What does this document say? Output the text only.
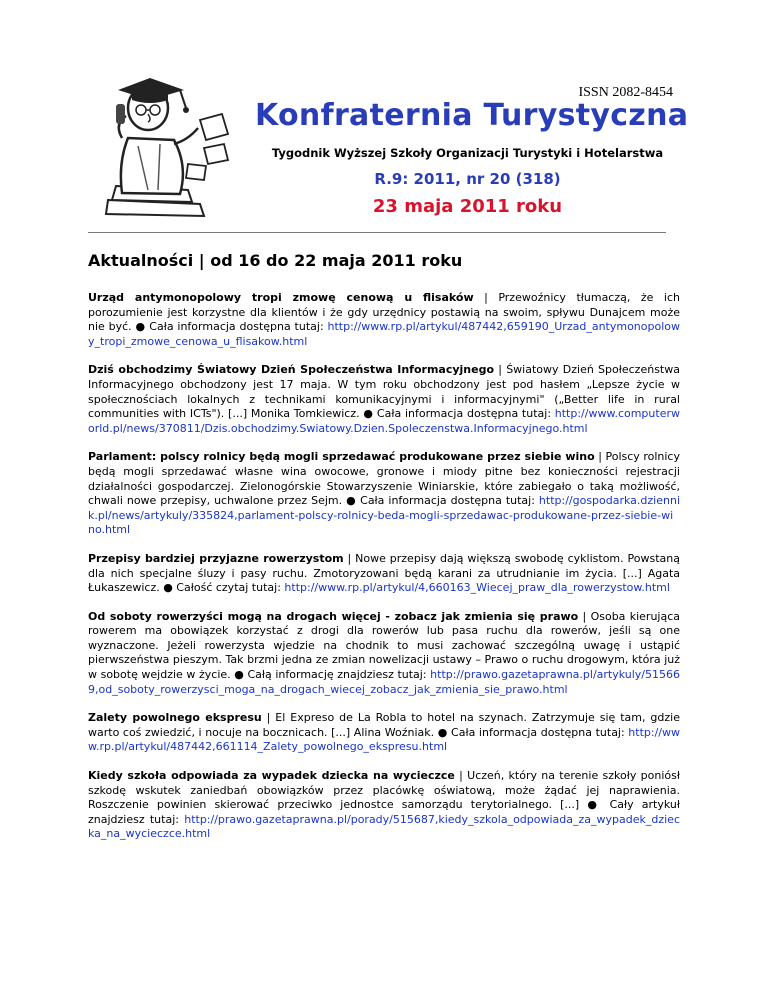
ISSN 2082-8454
Konfraternia Turystyczna
Tygodnik Wyższej Szkoły Organizacji Turystyki i Hotelarstwa
R.9: 2011, nr 20 (318)
23 maja 2011 roku
Aktualności | od 16 do 22 maja 2011 roku

Urząd antymonopolowy tropi zmowę cenową u flisaków | Przewoźnicy tłumaczą, że ich porozumienie jest korzystne dla klientów i że gdy urzędnicy postawią na swoim, spływu Dunajcem może nie być. ● Cała informacja dostępna tutaj: http://www.rp.pl/artykul/487442,659190_Urzad_antymonopolowy_tropi_zmowe_cenowa_u_flisakow.html

Dziś obchodzimy Światowy Dzień Społeczeństwa Informacyjnego | Światowy Dzień Społeczeństwa Informacyjnego obchodzony jest 17 maja. W tym roku obchodzony jest pod hasłem „Lepsze życie w społecznościach lokalnych z technikami komunikacyjnymi i informacyjnymi" („Better life in rural communities with ICTs"). [...] Monika Tomkiewicz. ● Cała informacja dostępna tutaj: http://www.computerworld.pl/news/370811/Dzis.obchodzimy.Swiatowy.Dzien.Spoleczenstwa.Informacyjnego.html

Parlament: polscy rolnicy będą mogli sprzedawać produkowane przez siebie wino | Polscy rolnicy będą mogli sprzedawać własne wina owocowe, gronowe i miody pitne bez konieczności rejestracji działalności gospodarczej. Zielonogórskie Stowarzyszenie Winiarskie, które zabiegało o taką możliwość, chwali nowe przepisy, uchwalone przez Sejm. ● Cała informacja dostępna tutaj: http://gospodarka.dziennik.pl/news/artykuly/335824,parlament-polscy-rolnicy-beda-mogli-sprzedawac-produkowane-przez-siebie-wino.html

Przepisy bardziej przyjazne rowerzystom | Nowe przepisy dają większą swobodę cyklistom. Powstaną dla nich specjalne śluzy i pasy ruchu. Zmotoryzowani będą karani za utrudnianie im życia. [...] Agata Łukaszewicz. ● Całość czytaj tutaj: http://www.rp.pl/artykul/4,660163_Wiecej_praw_dla_rowerzystow.html

Od soboty rowerzyści mogą na drogach więcej - zobacz jak zmienia się prawo | Osoba kierująca rowerem ma obowiązek korzystać z drogi dla rowerów lub pasa ruchu dla rowerów, jeśli są one wyznaczone. Jeżeli rowerzysta wjedzie na chodnik to musi zachować szczególną uwagę i ustąpić pierwszeństwa pieszym. Tak brzmi jedna ze zmian nowelizacji ustawy – Prawo o ruchu drogowym, która już w sobotę wejdzie w życie. ● Całą informację znajdziesz tutaj: http://prawo.gazetaprawna.pl/artykuly/515669,od_soboty_rowerzysci_moga_na_drogach_wiecej_zobacz_jak_zmienia_sie_prawo.html

Zalety powolnego ekspresu | El Expreso de La Robla to hotel na szynach. Zatrzymuje się tam, gdzie warto coś zwiedzić, i nocuje na bocznicach. [...] Alina Woźniak. ● Cała informacja dostępna tutaj: http://www.rp.pl/artykul/487442,661114_Zalety_powolnego_ekspresu.html

Kiedy szkoła odpowiada za wypadek dziecka na wycieczce | Uczeń, który na terenie szkoły poniósł szkodę wskutek zaniedbań obowiązków przez placówkę oświatową, może żądać jej naprawienia. Roszczenie powinien skierować przeciwko jednostce samorządu terytorialnego. [...] ● Cały artykuł znajdziesz tutaj: http://prawo.gazetaprawna.pl/porady/515687,kiedy_szkola_odpowiada_za_wypadek_dziecka_na_wycieczce.html
